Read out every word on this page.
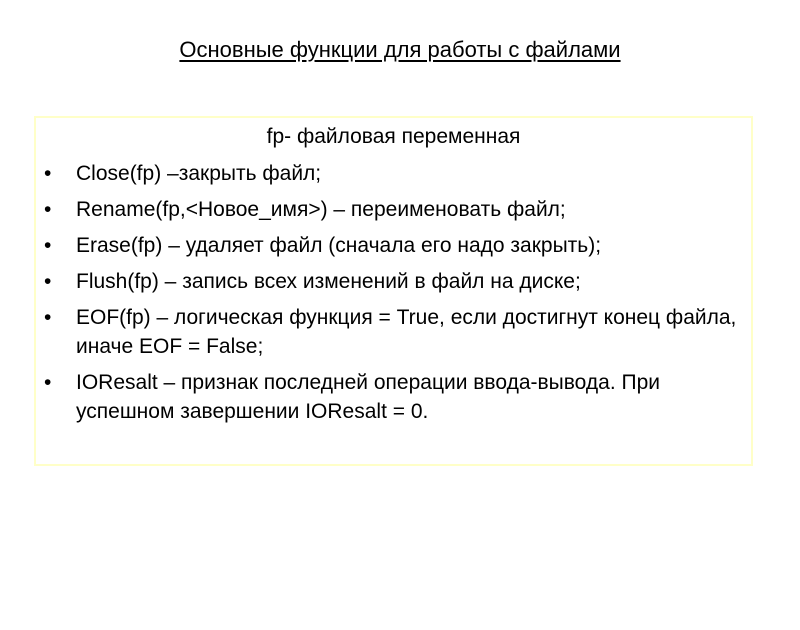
Основные функции для работы с файлами

fp- файловая переменная

• Close(fp) –закрыть файл;
• Rename(fp,<Новое_имя>) – переименовать файл;
• Erase(fp) – удаляет файл (сначала его надо закрыть);
• Flush(fp) – запись всех изменений в файл на диске;
• EOF(fp) – логическая функция = True, если достигнут конец файла, иначе EOF = False;
• IOResalt – признак последней операции ввода-вывода. При успешном завершении IOResalt = 0.
